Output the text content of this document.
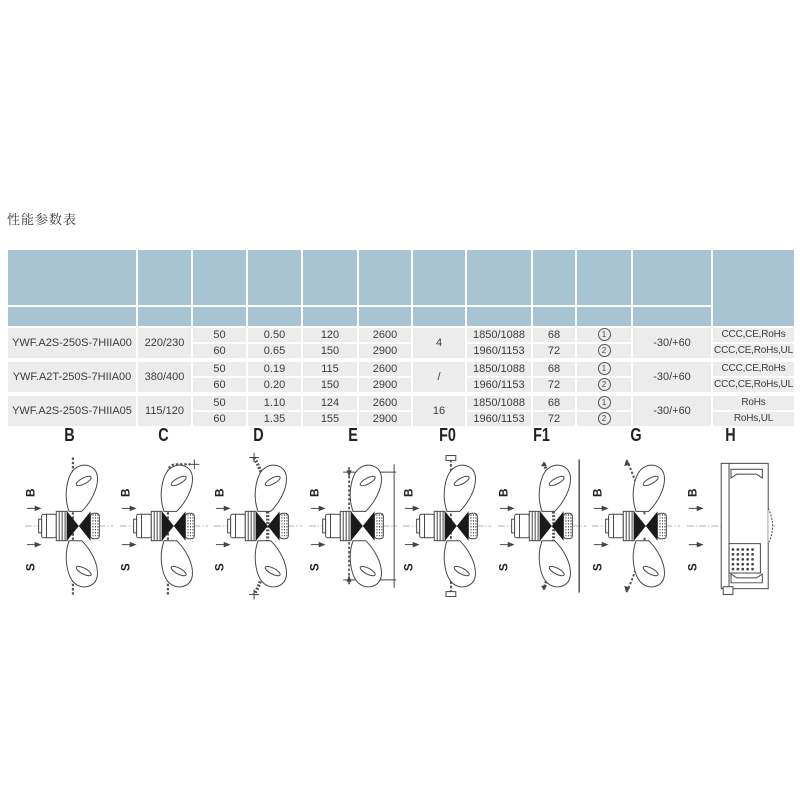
性能参数表

YWF.A2S-250S-7HIIA00	220/230	50	0.50	120	2600	4	1850/1088	68	1	-30/+60	CCC,CE,RoHs
		60	0.65	150	2900		1960/1153	72	2		CCC,CE,RoHs,UL
YWF.A2T-250S-7HIIA00	380/400	50	0.19	115	2600	/	1850/1088	68	1	-30/+60	CCC,CE,RoHs
		60	0.20	150	2900		1960/1153	72	2		CCC,CE,RoHs,UL
YWF.A2S-250S-7HIIA05	115/120	50	1.10	124	2600	16	1850/1088	68	1	-30/+60	RoHs
		60	1.35	155	2900		1960/1153	72	2		RoHs,UL
B
B
S
C
B
S
D
B
S
E
B
S
F0
B
S
F1
B
S
G
B
S
H
B
S
